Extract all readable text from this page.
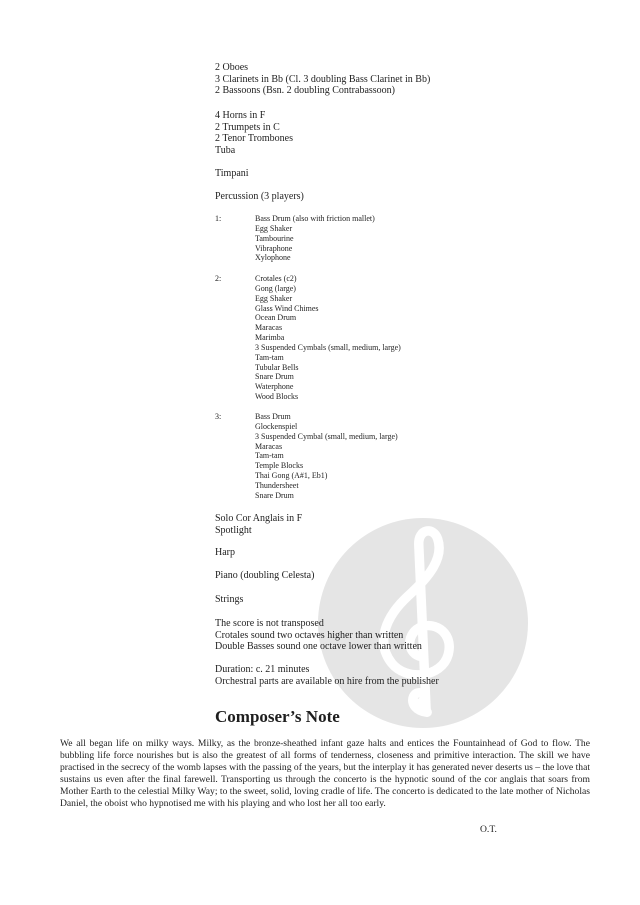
2 Oboes
3 Clarinets in Bb (Cl. 3 doubling Bass Clarinet in Bb)
2 Bassoons (Bsn. 2 doubling Contrabassoon)
4 Horns in F
2 Trumpets in C
2 Tenor Trombones
Tuba
Timpani
Percussion (3 players)
1:	Bass Drum (also with friction mallet)
Egg Shaker
Tambourine
Vibraphone
Xylophone
2:	Crotales (c2)
Gong (large)
Egg Shaker
Glass Wind Chimes
Ocean Drum
Maracas
Marimba
3 Suspended Cymbals (small, medium, large)
Tam-tam
Tubular Bells
Snare Drum
Waterphone
Wood Blocks
3:	Bass Drum
Glockenspiel
3 Suspended Cymbal (small, medium, large)
Maracas
Tam-tam
Temple Blocks
Thai Gong (A#1, Eb1)
Thundersheet
Snare Drum
Solo Cor Anglais in F
Spotlight
Harp
Piano (doubling Celesta)
Strings
The score is not transposed
Crotales sound two octaves higher than written
Double Basses sound one octave lower than written
Duration: c. 21 minutes
Orchestral parts are available on hire from the publisher
Composer’s Note

We all began life on milky ways. Milky, as the bronze-sheathed infant gaze halts and entices the Fountainhead of God to flow. The bubbling life force nourishes but is also the greatest of all forms of tenderness, closeness and primitive interaction. The skill we have practised in the secrecy of the womb lapses with the passing of the years, but the interplay it has generated never deserts us – the love that sustains us even after the final farewell. Transporting us through the concerto is the hypnotic sound of the cor anglais that soars from Mother Earth to the celestial Milky Way; to the sweet, solid, loving cradle of life. The concerto is dedicated to the late mother of Nicholas Daniel, the oboist who hypnotised me with his playing and who lost her all too early.

O.T.
